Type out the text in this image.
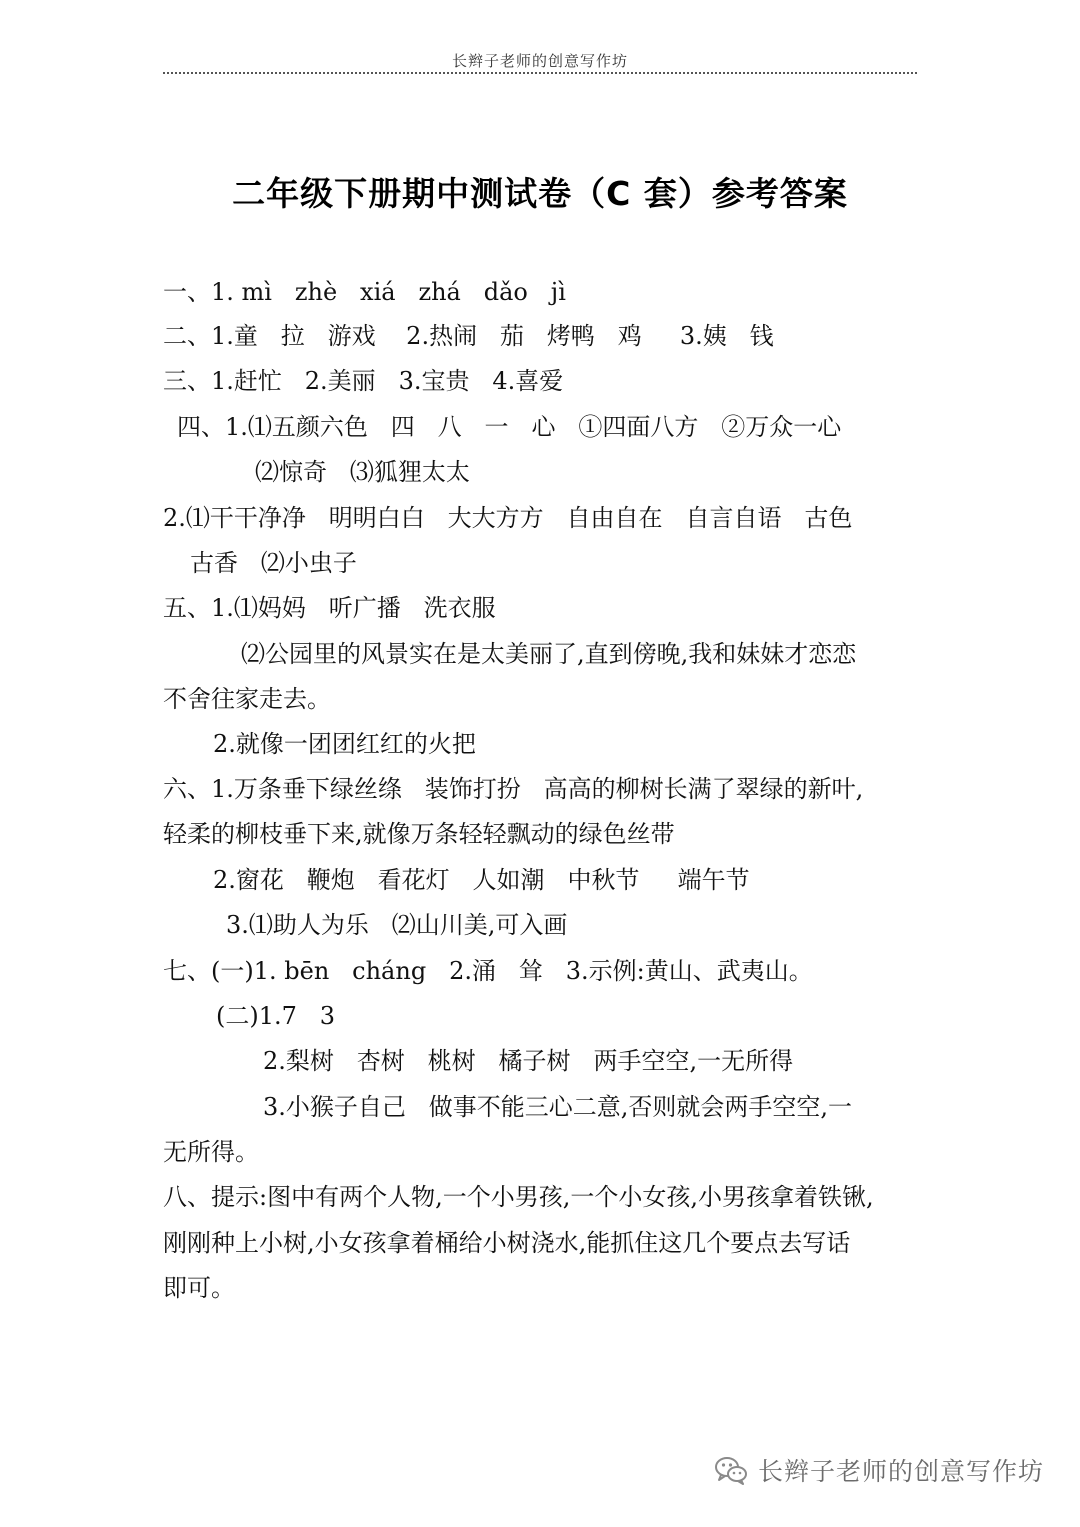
长辫子老师的创意写作坊
二年级下册期中测试卷（C 套）参考答案
一、1. mì   zhè   xiá   zhá   dǎo   jì
二、1.童   拉   游戏    2.热闹   茄   烤鸭   鸡     3.姨   钱
三、1.赶忙   2.美丽   3.宝贵   4.喜爱
四、1.⑴五颜六色   四   八   一   心   ①四面八方   ②万众一心
⑵惊奇   ⑶狐狸太太
2.⑴干干净净   明明白白   大大方方   自由自在   自言自语   古色
古香   ⑵小虫子
五、1.⑴妈妈   听广播   洗衣服
⑵公园里的风景实在是太美丽了,直到傍晚,我和妹妹才恋恋
不舍往家走去。
2.就像一团团红红的火把
六、1.万条垂下绿丝绦   装饰打扮   高高的柳树长满了翠绿的新叶,
轻柔的柳枝垂下来,就像万条轻轻飘动的绿色丝带
2.窗花   鞭炮   看花灯   人如潮   中秋节     端午节
3.⑴助人为乐   ⑵山川美,可入画
七、(一)1. bēn   cháng   2.涌   耸   3.示例:黄山、武夷山。
(二)1.7   3
2.梨树   杏树   桃树   橘子树   两手空空,一无所得
3.小猴子自己   做事不能三心二意,否则就会两手空空,一
无所得。
八、提示:图中有两个人物,一个小男孩,一个小女孩,小男孩拿着铁锹,
刚刚种上小树,小女孩拿着桶给小树浇水,能抓住这几个要点去写话
即可。
长辫子老师的创意写作坊
